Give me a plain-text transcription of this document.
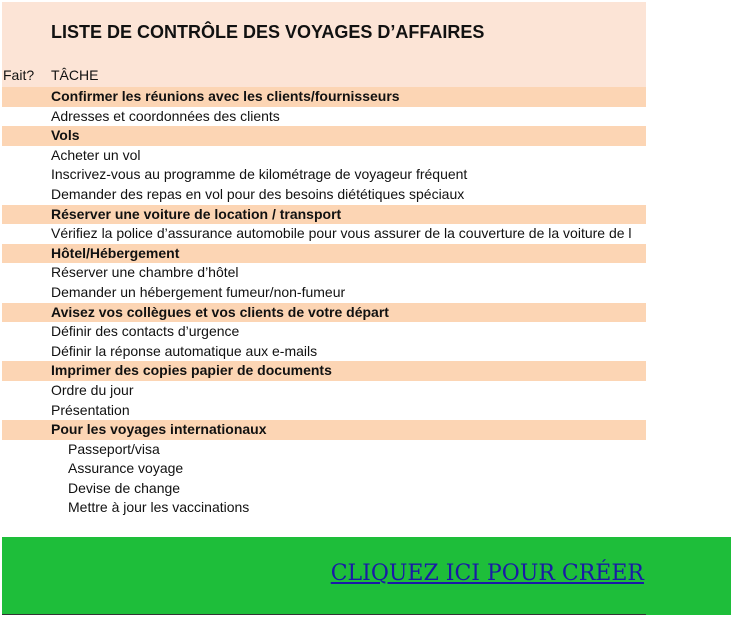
LISTE DE CONTRÔLE DES VOYAGES D’AFFAIRES
Fait? TÂCHE
Confirmer les réunions avec les clients/fournisseurs
Adresses et coordonnées des clients
Vols
Acheter un vol
Inscrivez-vous au programme de kilométrage de voyageur fréquent
Demander des repas en vol pour des besoins diététiques spéciaux
Réserver une voiture de location / transport
Vérifiez la police d’assurance automobile pour vous assurer de la couverture de la voiture de l
Hôtel/Hébergement
Réserver une chambre d’hôtel
Demander un hébergement fumeur/non-fumeur
Avisez vos collègues et vos clients de votre départ
Définir des contacts d’urgence
Définir la réponse automatique aux e-mails
Imprimer des copies papier de documents
Ordre du jour
Présentation
Pour les voyages internationaux
Passeport/visa
Assurance voyage
Devise de change
Mettre à jour les vaccinations
CLIQUEZ ICI POUR CRÉER
